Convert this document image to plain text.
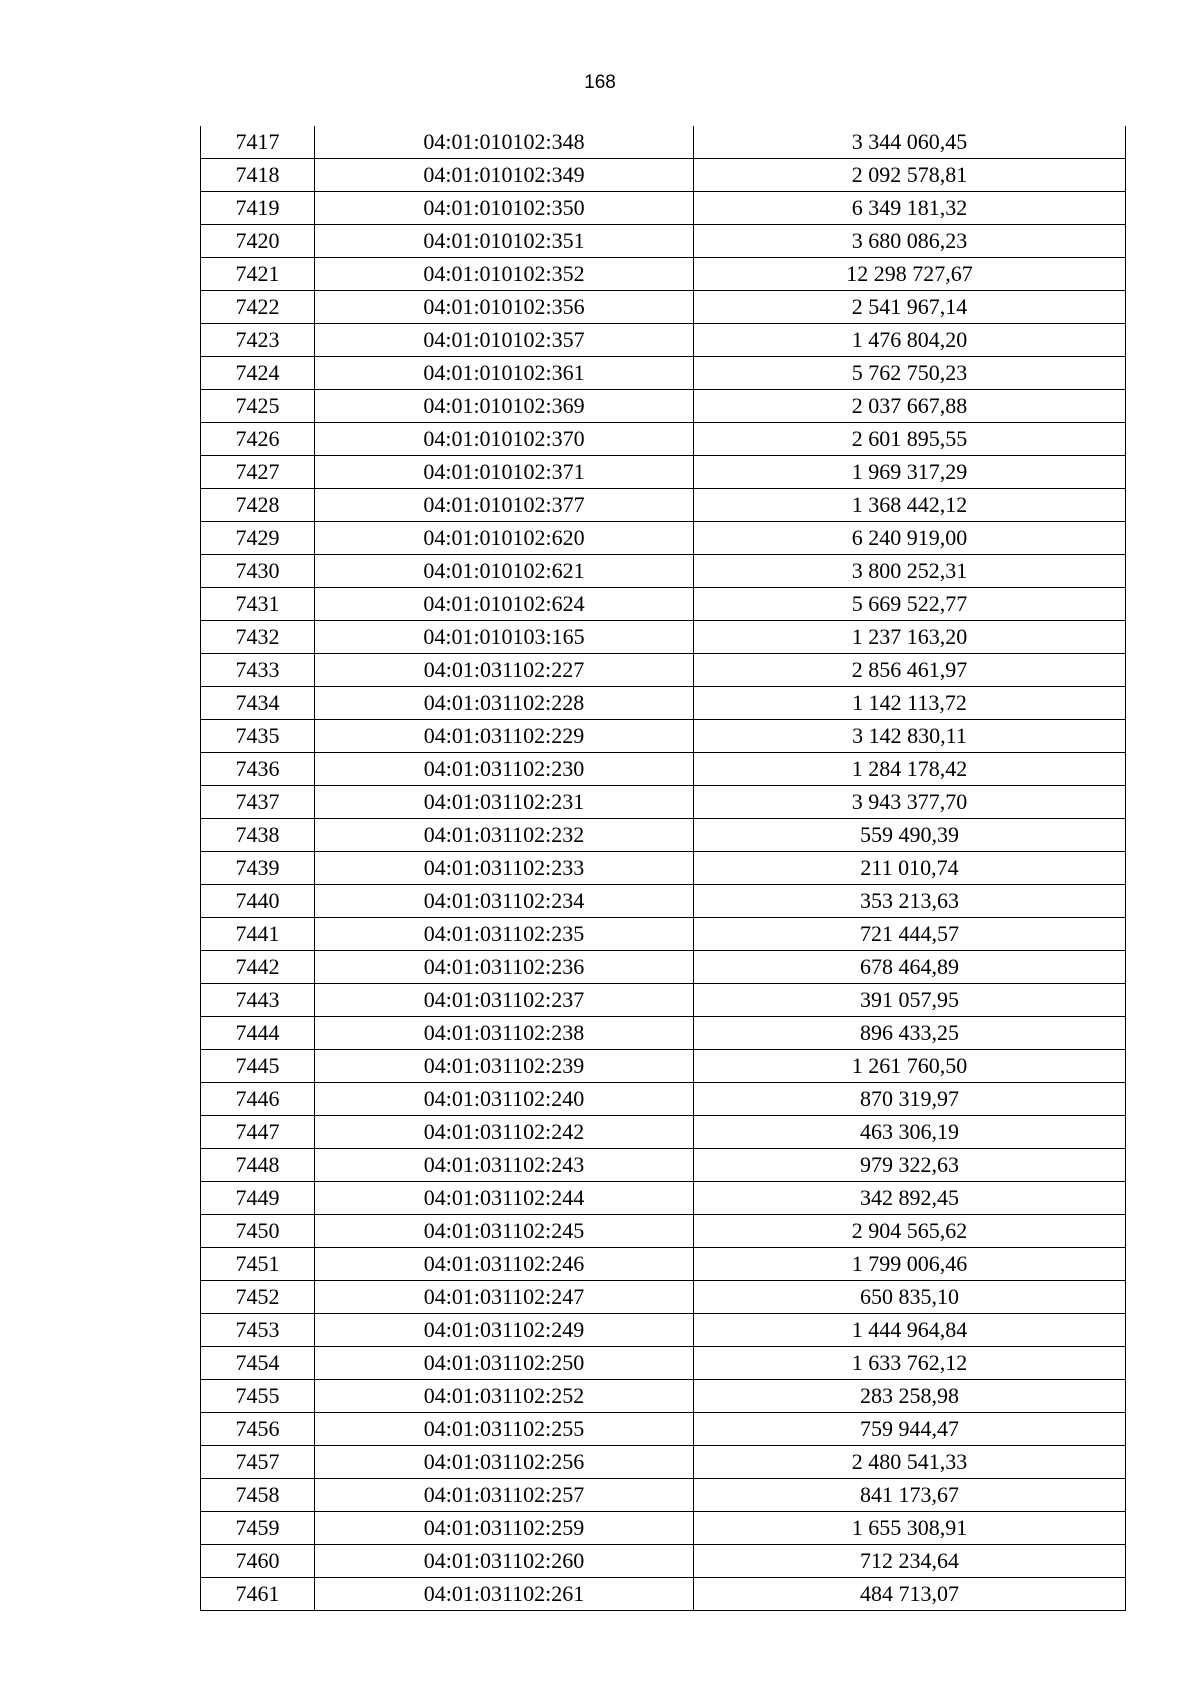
168
7417	04:01:010102:348	3 344 060,45
7418	04:01:010102:349	2 092 578,81
7419	04:01:010102:350	6 349 181,32
7420	04:01:010102:351	3 680 086,23
7421	04:01:010102:352	12 298 727,67
7422	04:01:010102:356	2 541 967,14
7423	04:01:010102:357	1 476 804,20
7424	04:01:010102:361	5 762 750,23
7425	04:01:010102:369	2 037 667,88
7426	04:01:010102:370	2 601 895,55
7427	04:01:010102:371	1 969 317,29
7428	04:01:010102:377	1 368 442,12
7429	04:01:010102:620	6 240 919,00
7430	04:01:010102:621	3 800 252,31
7431	04:01:010102:624	5 669 522,77
7432	04:01:010103:165	1 237 163,20
7433	04:01:031102:227	2 856 461,97
7434	04:01:031102:228	1 142 113,72
7435	04:01:031102:229	3 142 830,11
7436	04:01:031102:230	1 284 178,42
7437	04:01:031102:231	3 943 377,70
7438	04:01:031102:232	559 490,39
7439	04:01:031102:233	211 010,74
7440	04:01:031102:234	353 213,63
7441	04:01:031102:235	721 444,57
7442	04:01:031102:236	678 464,89
7443	04:01:031102:237	391 057,95
7444	04:01:031102:238	896 433,25
7445	04:01:031102:239	1 261 760,50
7446	04:01:031102:240	870 319,97
7447	04:01:031102:242	463 306,19
7448	04:01:031102:243	979 322,63
7449	04:01:031102:244	342 892,45
7450	04:01:031102:245	2 904 565,62
7451	04:01:031102:246	1 799 006,46
7452	04:01:031102:247	650 835,10
7453	04:01:031102:249	1 444 964,84
7454	04:01:031102:250	1 633 762,12
7455	04:01:031102:252	283 258,98
7456	04:01:031102:255	759 944,47
7457	04:01:031102:256	2 480 541,33
7458	04:01:031102:257	841 173,67
7459	04:01:031102:259	1 655 308,91
7460	04:01:031102:260	712 234,64
7461	04:01:031102:261	484 713,07
